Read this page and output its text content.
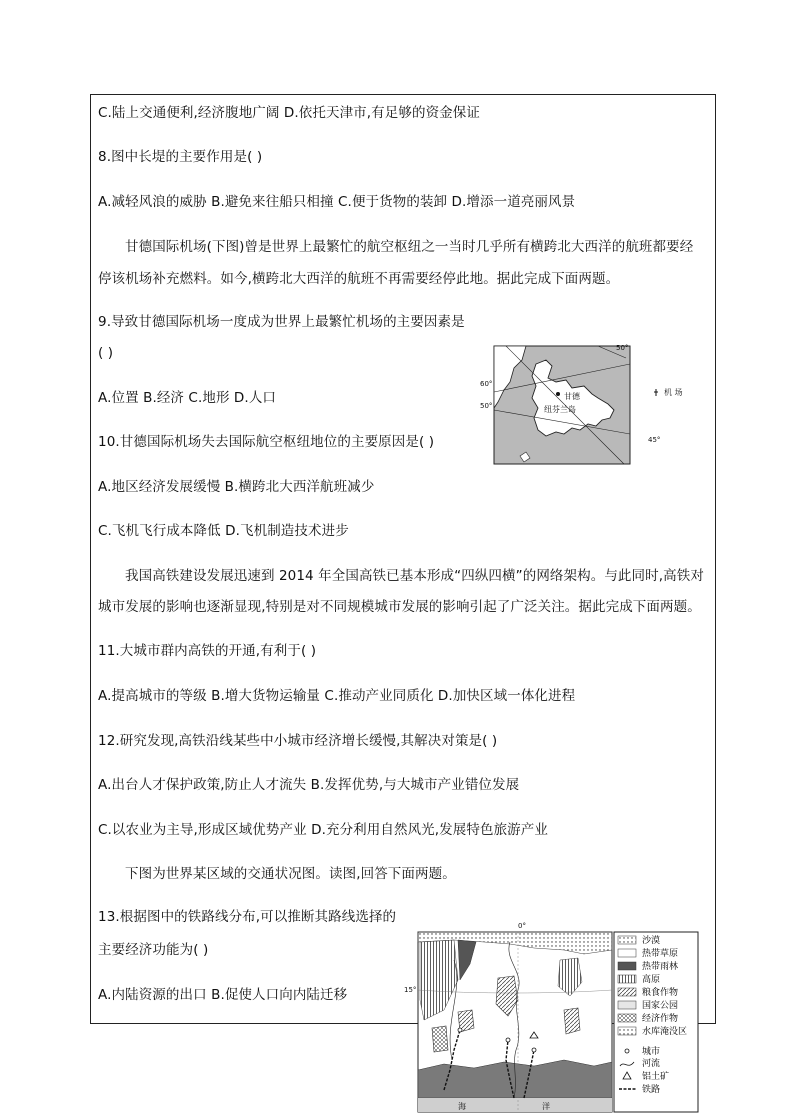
C.陆上交通便利,经济腹地广阔 D.依托天津市,有足够的资金保证
8.图中长堤的主要作用是( )
A.减轻风浪的威胁 B.避免来往船只相撞 C.便于货物的装卸 D.增添一道亮丽风景
甘德国际机场(下图)曾是世界上最繁忙的航空枢纽之一当时几乎所有横跨北大西洋的航班都要经
停该机场补充燃料。如今,横跨北大西洋的航班不再需要经停此地。据此完成下面两题。
9.导致甘德国际机场一度成为世界上最繁忙机场的主要因素是
( )
A.位置 B.经济 C.地形 D.人口
10.甘德国际机场失去国际航空枢纽地位的主要原因是( )
A.地区经济发展缓慢 B.横跨北大西洋航班减少
C.飞机飞行成本降低 D.飞机制造技术进步
我国高铁建设发展迅速到 2014 年全国高铁已基本形成“四纵四横”的网络架构。与此同时,高铁对
城市发展的影响也逐渐显现,特别是对不同规模城市发展的影响引起了广泛关注。据此完成下面两题。
11.大城市群内高铁的开通,有利于( )
A.提高城市的等级 B.增大货物运输量 C.推动产业同质化 D.加快区域一体化进程
12.研究发现,高铁沿线某些中小城市经济增长缓慢,其解决对策是( )
A.出台人才保护政策,防止人才流失 B.发挥优势,与大城市产业错位发展
C.以农业为主导,形成区域优势产业 D.充分利用自然风光,发展特色旅游产业
下图为世界某区域的交通状况图。读图,回答下面两题。
13.根据图中的铁路线分布,可以推断其路线选择的
主要经济功能为( )
A.内陆资源的出口 B.促使人口向内陆迁移
50°
60°
50°
45°
甘德
纽芬兰岛
机 场
0°
15°
海	洋
沙漠
热带草原
热带雨林
高原
粮食作物
国家公园
经济作物
水库淹没区
城市
河流
铝土矿
铁路
